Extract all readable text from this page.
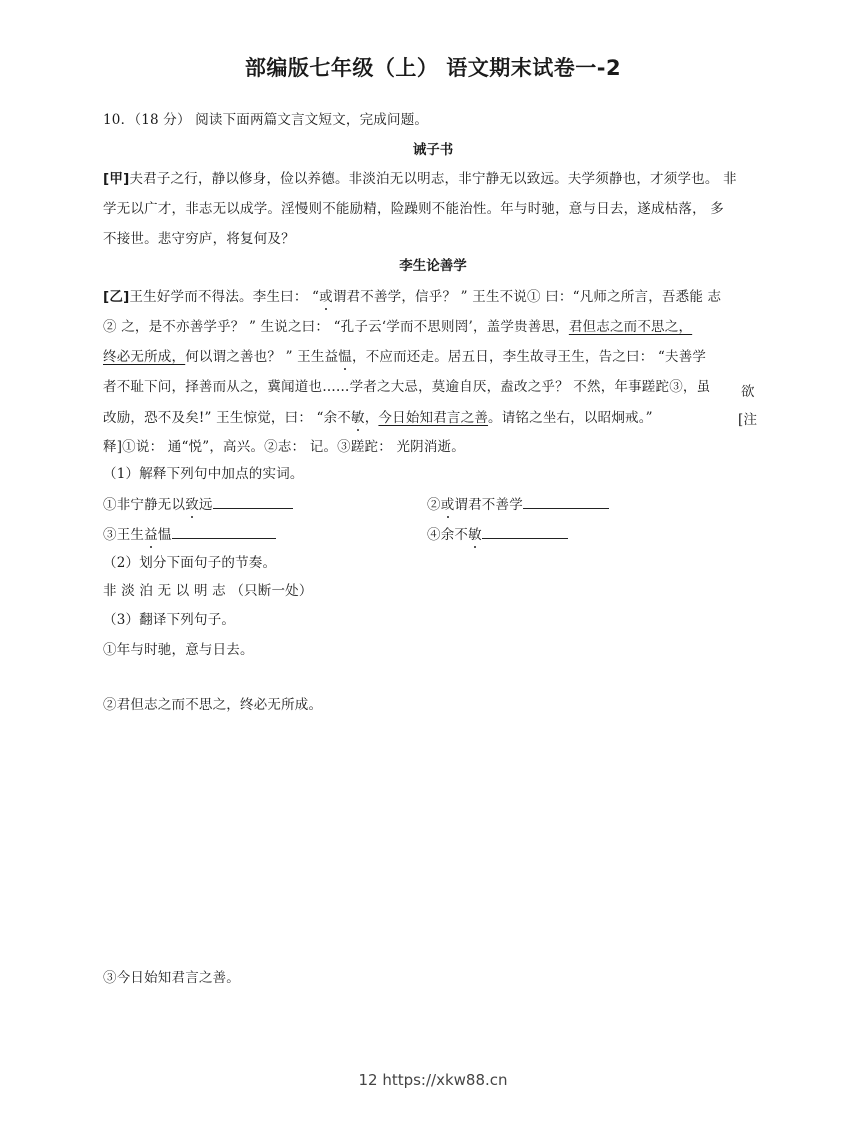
部编版七年级（上） 语文期末试卷一-2
10．（18 分） 阅读下面两篇文言文短文，完成问题。
诫子书
[甲]夫君子之行，静以修身，俭以养德。非淡泊无以明志，非宁静无以致远。夫学须静也，才须学也。 非
学无以广才，非志无以成学。淫慢则不能励精，险躁则不能治性。年与时驰，意与日去，遂成枯落， 多
不接世。悲守穷庐，将复何及？
李生论善学
[乙]王生好学而不得法。李生曰： “或谓君不善学，信乎？ ” 王生不说① 曰：“凡师之所言，吾悉能 志
② 之，是不亦善学乎？ ” 生说之曰： “孔子云‘学而不思则罔’，盖学贵善思，君但志之而不思之，
终必无所成，何以谓之善也？ ” 王生益愠，不应而还走。居五日，李生故寻王生，告之曰： “夫善学
者不耻下问，择善而从之，冀闻道也……学者之大忌，莫逾自厌，盍改之乎？ 不然，年事蹉跎③，虽 欲
改励，恐不及矣!” 王生惊觉，曰： “余不敏，今日始知君言之善。请铭之坐右，以昭炯戒。”	[注
释]①说： 通“悦”，高兴。②志： 记。③蹉跎： 光阴消逝。
（1）解释下列句中加点的实词。
①非宁静无以致远	②或谓君不善学
③王生益愠	④余不敏
（2）划分下面句子的节奏。
非 淡 泊 无 以 明 志 （只断一处）
（3）翻译下列句子。
①年与时驰，意与日去。
②君但志之而不思之，终必无所成。
③今日始知君言之善。
12 https://xkw88.cn
